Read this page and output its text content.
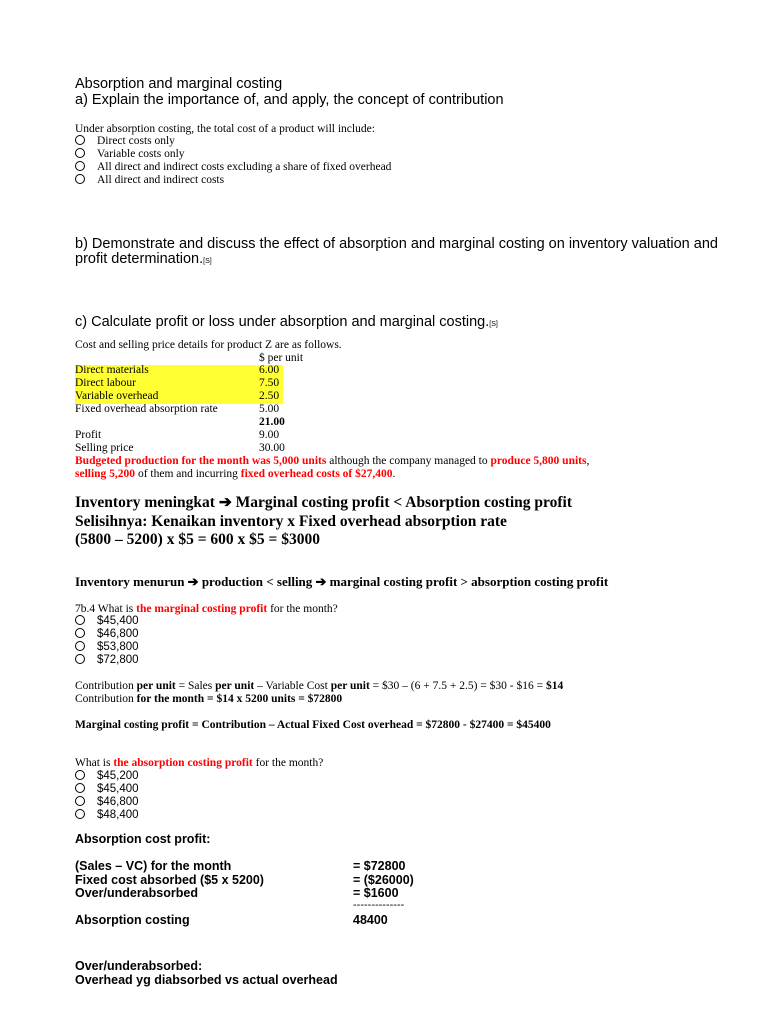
Absorption and marginal costing
a) Explain the importance of, and apply, the concept of contribution
Under absorption costing, the total cost of a product will include:
Direct costs only
Variable costs only
All direct and indirect costs excluding a share of fixed overhead
All direct and indirect costs
b) Demonstrate and discuss the effect of absorption and marginal costing on inventory valuation and
profit determination.[S]
c) Calculate profit or loss under absorption and marginal costing.[S]
Cost and selling price details for product Z are as follows.
$ per unit
Direct materials	6.00
Direct labour	7.50
Variable overhead	2.50
Fixed overhead absorption rate	5.00
21.00
Profit	9.00
Selling price	30.00
Budgeted production for the month was 5,000 units although the company managed to produce 5,800 units,
selling 5,200 of them and incurring fixed overhead costs of $27,400.
Inventory meningkat ➔ Marginal costing profit < Absorption costing profit
Selisihnya: Kenaikan inventory x Fixed overhead absorption rate
(5800 – 5200) x $5 = 600 x $5 = $3000
Inventory menurun ➔ production < selling ➔ marginal costing profit > absorption costing profit
7b.4 What is the marginal costing profit for the month?
$45,400
$46,800
$53,800
$72,800
Contribution per unit = Sales per unit – Variable Cost per unit = $30 – (6 + 7.5 + 2.5) = $30 - $16 = $14
Contribution for the month = $14 x 5200 units = $72800
Marginal costing profit = Contribution – Actual Fixed Cost overhead = $72800 - $27400 = $45400
What is the absorption costing profit for the month?
$45,200
$45,400
$46,800
$48,400
Absorption cost profit:
(Sales – VC) for the month	= $72800
Fixed cost absorbed ($5 x 5200)	= ($26000)
Over/underabsorbed	= $1600
--------------
Absorption costing	48400
Over/underabsorbed:
Overhead yg diabsorbed vs actual overhead
